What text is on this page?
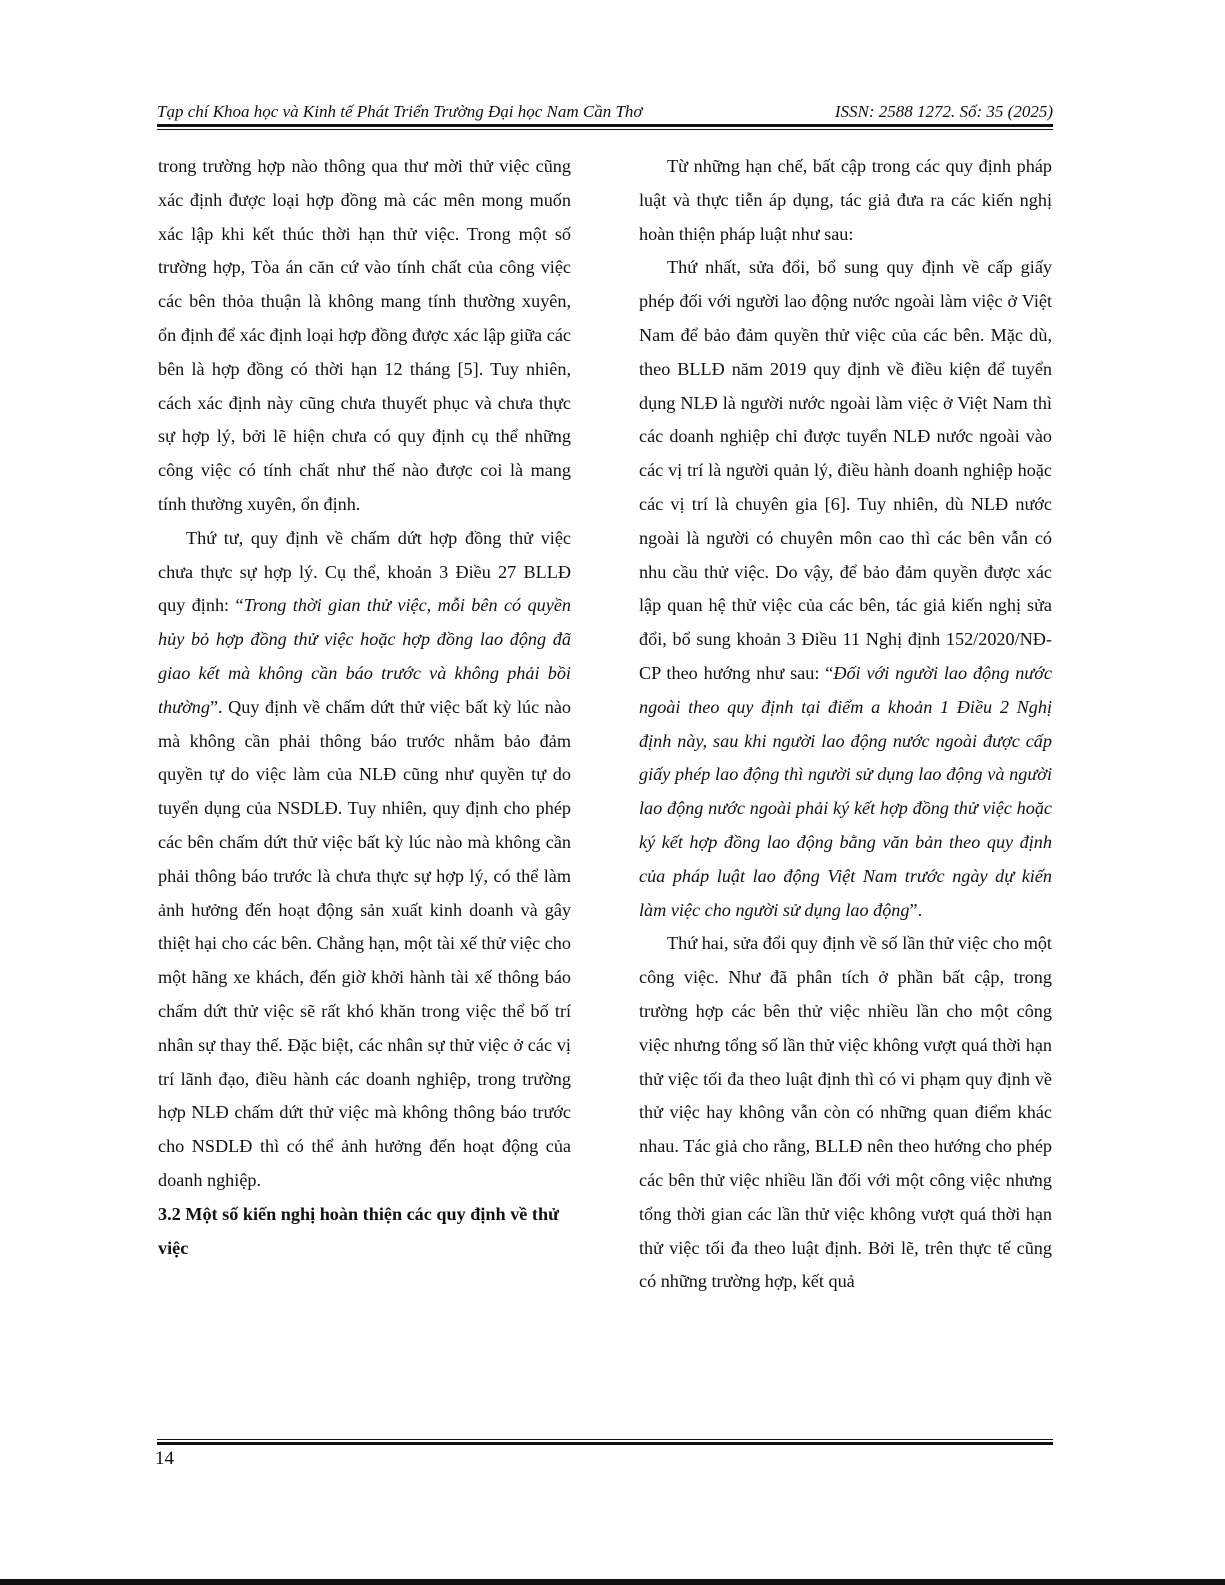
Tạp chí Khoa học và Kinh tế Phát Triển Trường Đại học Nam Cần Thơ	ISSN: 2588 1272. Số: 35 (2025)

trong trường hợp nào thông qua thư mời thử việc cũng xác định được loại hợp đồng mà các mên mong muốn xác lập khi kết thúc thời hạn thử việc. Trong một số trường hợp, Tòa án căn cứ vào tính chất của công việc các bên thỏa thuận là không mang tính thường xuyên, ổn định để xác định loại hợp đồng được xác lập giữa các bên là hợp đồng có thời hạn 12 tháng [5]. Tuy nhiên, cách xác định này cũng chưa thuyết phục và chưa thực sự hợp lý, bởi lẽ hiện chưa có quy định cụ thể những công việc có tính chất như thế nào được coi là mang tính thường xuyên, ổn định.

Thứ tư, quy định về chấm dứt hợp đồng thử việc chưa thực sự hợp lý. Cụ thể, khoản 3 Điều 27 BLLĐ quy định: “Trong thời gian thử việc, mỗi bên có quyền hủy bỏ hợp đồng thử việc hoặc hợp đồng lao động đã giao kết mà không cần báo trước và không phải bồi thường”. Quy định về chấm dứt thử việc bất kỳ lúc nào mà không cần phải thông báo trước nhằm bảo đảm quyền tự do việc làm của NLĐ cũng như quyền tự do tuyển dụng của NSDLĐ. Tuy nhiên, quy định cho phép các bên chấm dứt thử việc bất kỳ lúc nào mà không cần phải thông báo trước là chưa thực sự hợp lý, có thể làm ảnh hưởng đến hoạt động sản xuất kinh doanh và gây thiệt hại cho các bên. Chẳng hạn, một tài xế thử việc cho một hãng xe khách, đến giờ khởi hành tài xế thông báo chấm dứt thử việc sẽ rất khó khăn trong việc thể bố trí nhân sự thay thế. Đặc biệt, các nhân sự thử việc ở các vị trí lãnh đạo, điều hành các doanh nghiệp, trong trường hợp NLĐ chấm dứt thử việc mà không thông báo trước cho NSDLĐ thì có thể ảnh hưởng đến hoạt động của doanh nghiệp.

3.2 Một số kiến nghị hoàn thiện các quy định về thử việc

Từ những hạn chế, bất cập trong các quy định pháp luật và thực tiễn áp dụng, tác giả đưa ra các kiến nghị hoàn thiện pháp luật như sau:

Thứ nhất, sửa đổi, bổ sung quy định về cấp giấy phép đối với người lao động nước ngoài làm việc ở Việt Nam để bảo đảm quyền thử việc của các bên. Mặc dù, theo BLLĐ năm 2019 quy định về điều kiện để tuyển dụng NLĐ là người nước ngoài làm việc ở Việt Nam thì các doanh nghiệp chỉ được tuyển NLĐ nước ngoài vào các vị trí là người quản lý, điều hành doanh nghiệp hoặc các vị trí là chuyên gia [6]. Tuy nhiên, dù NLĐ nước ngoài là người có chuyên môn cao thì các bên vẫn có nhu cầu thử việc. Do vậy, để bảo đảm quyền được xác lập quan hệ thử việc của các bên, tác giả kiến nghị sửa đổi, bổ sung khoản 3 Điều 11 Nghị định 152/2020/NĐ-CP theo hướng như sau: “Đối với người lao động nước ngoài theo quy định tại điểm a khoản 1 Điều 2 Nghị định này, sau khi người lao động nước ngoài được cấp giấy phép lao động thì người sử dụng lao động và người lao động nước ngoài phải ký kết hợp đồng thử việc hoặc ký kết hợp đồng lao động bằng văn bản theo quy định của pháp luật lao động Việt Nam trước ngày dự kiến làm việc cho người sử dụng lao động”.

Thứ hai, sửa đổi quy định về số lần thử việc cho một công việc. Như đã phân tích ở phần bất cập, trong trường hợp các bên thử việc nhiều lần cho một công việc nhưng tổng số lần thử việc không vượt quá thời hạn thử việc tối đa theo luật định thì có vi phạm quy định về thử việc hay không vẫn còn có những quan điểm khác nhau. Tác giả cho rằng, BLLĐ nên theo hướng cho phép các bên thử việc nhiều lần đối với một công việc nhưng tổng thời gian các lần thử việc không vượt quá thời hạn thử việc tối đa theo luật định. Bởi lẽ, trên thực tế cũng có những trường hợp, kết quả

14
